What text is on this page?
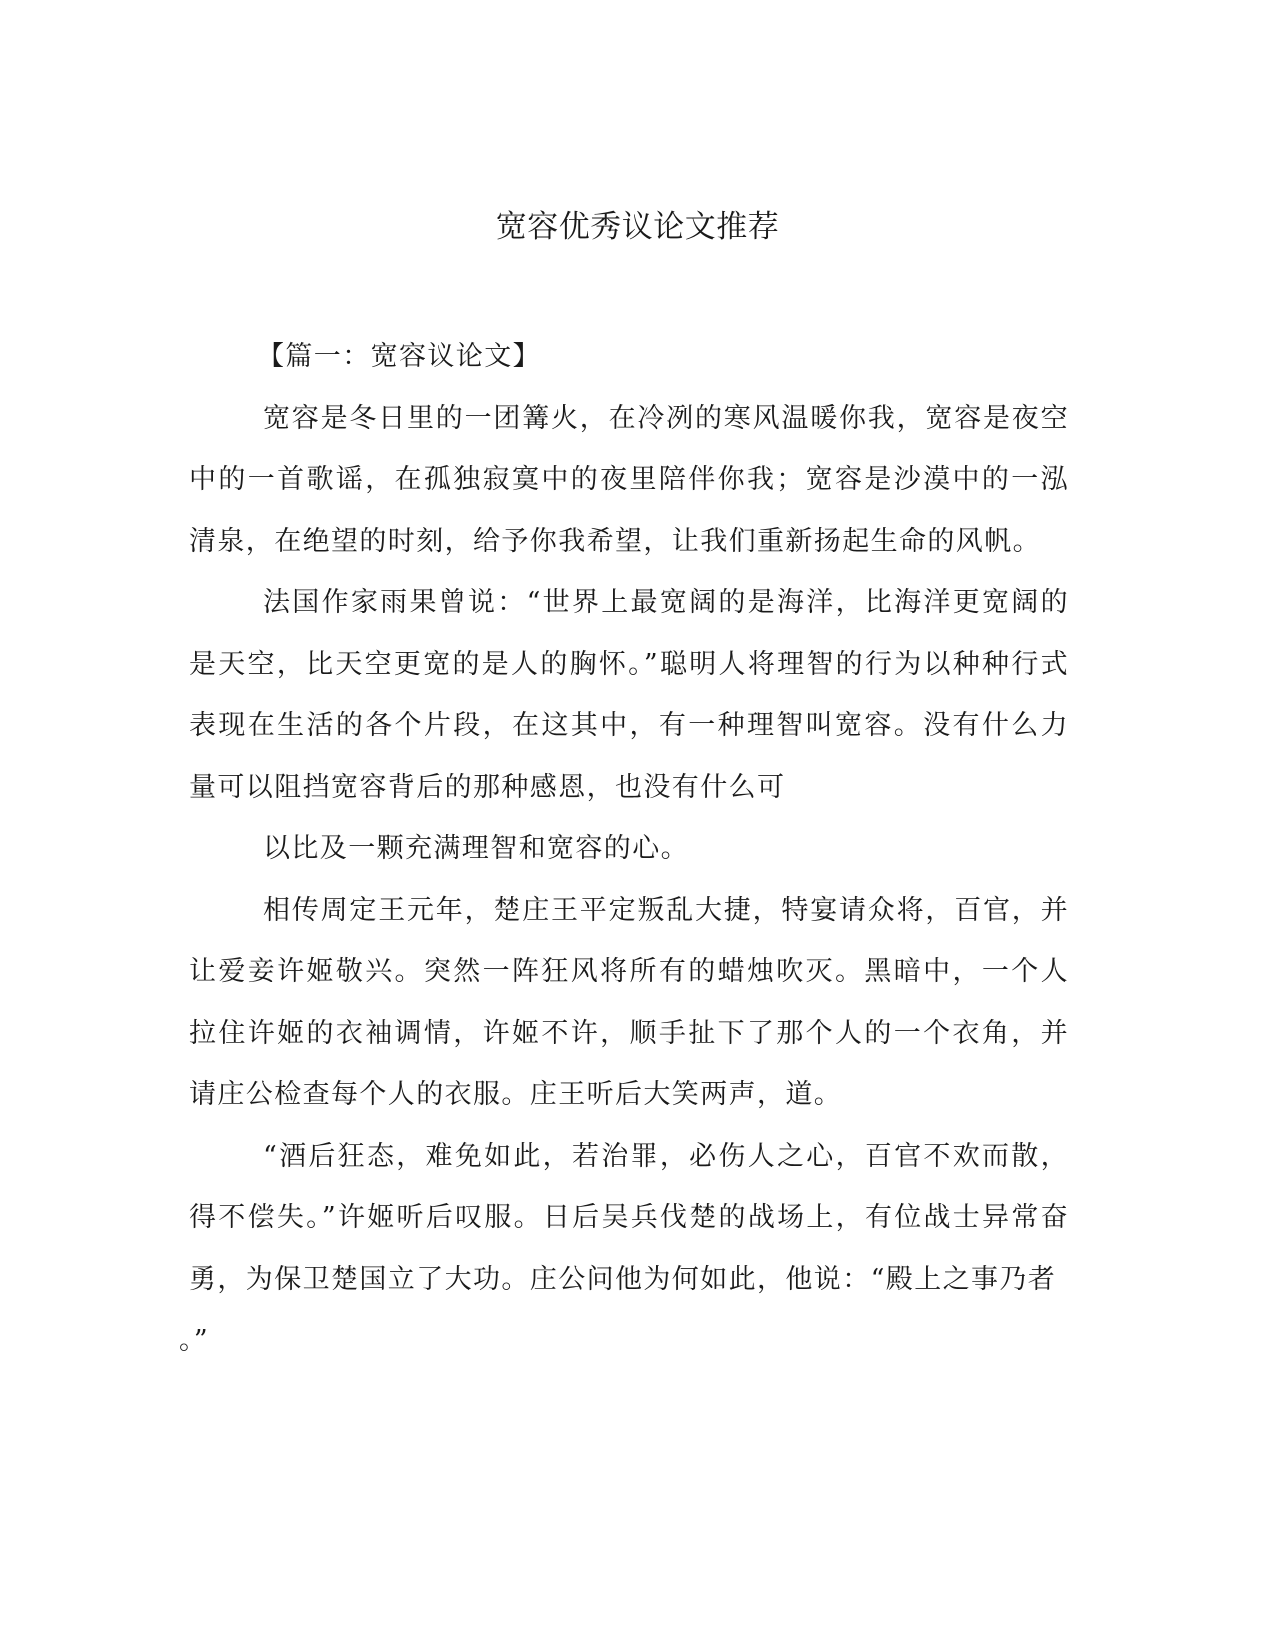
宽容优秀议论文推荐

【篇一：宽容议论文】

宽容是冬日里的一团篝火，在冷冽的寒风温暖你我，宽容是夜空中的一首歌谣，在孤独寂寞中的夜里陪伴你我；宽容是沙漠中的一泓清泉，在绝望的时刻，给予你我希望，让我们重新扬起生命的风帆。

法国作家雨果曾说：“世界上最宽阔的是海洋，比海洋更宽阔的是天空，比天空更宽的是人的胸怀。”聪明人将理智的行为以种种行式表现在生活的各个片段，在这其中，有一种理智叫宽容。没有什么力量可以阻挡宽容背后的那种感恩，也没有什么可

以比及一颗充满理智和宽容的心。

相传周定王元年，楚庄王平定叛乱大捷，特宴请众将，百官，并让爱妾许姬敬兴。突然一阵狂风将所有的蜡烛吹灭。黑暗中，一个人拉住许姬的衣袖调情，许姬不许，顺手扯下了那个人的一个衣角，并请庄公检查每个人的衣服。庄王听后大笑两声，道。

“酒后狂态，难免如此，若治罪，必伤人之心，百官不欢而散，得不偿失。”许姬听后叹服。日后吴兵伐楚的战场上，有位战士异常奋勇，为保卫楚国立了大功。庄公问他为何如此，他说：“殿上之事乃者

。”
